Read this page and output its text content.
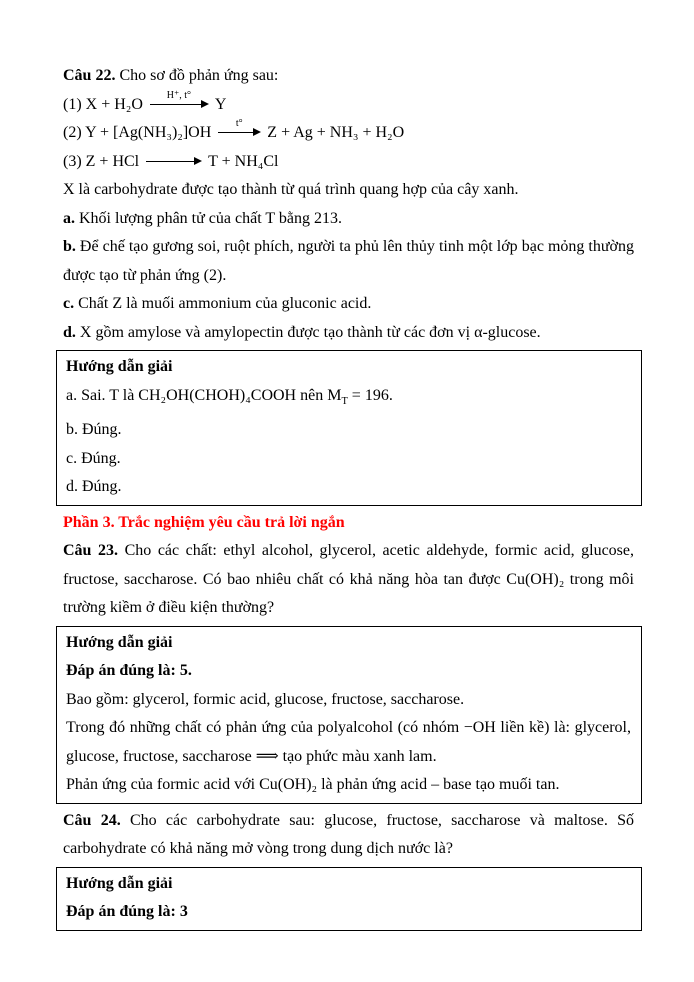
Câu 22. Cho sơ đồ phản ứng sau:

(1) X + H₂O
H⁺, t°
Y

(2) Y + [Ag(NH₃)₂]OH
t°
Z + Ag + NH₃ + H₂O

(3) Z + HCl	T + NH₄Cl

X là carbohydrate được tạo thành từ quá trình quang hợp của cây xanh.

a. Khối lượng phân tử của chất T bằng 213.

b. Để chế tạo gương soi, ruột phích, người ta phủ lên thủy tinh một lớp bạc mỏng thường được tạo từ phản ứng (2).

c. Chất Z là muối ammonium của gluconic acid.

d. X gồm amylose và amylopectin được tạo thành từ các đơn vị α-glucose.

Hướng dẫn giải

a. Sai. T là CH₂OH(CHOH)₄COOH nên $M_T = 196$.

b. Đúng.

c. Đúng.

d. Đúng.

Phần 3. Trắc nghiệm yêu cầu trả lời ngắn

Câu 23. Cho các chất: ethyl alcohol, glycerol, acetic aldehyde, formic acid, glucose, fructose, saccharose. Có bao nhiêu chất có khả năng hòa tan được Cu(OH)₂ trong môi trường kiềm ở điều kiện thường?

Hướng dẫn giải

Đáp án đúng là: 5.

Bao gồm: glycerol, formic acid, glucose, fructose, saccharose.

Trong đó những chất có phản ứng của polyalcohol (có nhóm −OH liền kề) là: glycerol, glucose, fructose, saccharose ⟹ tạo phức màu xanh lam.

Phản ứng của formic acid với Cu(OH)₂ là phản ứng acid – base tạo muối tan.

Câu 24. Cho các carbohydrate sau: glucose, fructose, saccharose và maltose. Số carbohydrate có khả năng mở vòng trong dung dịch nước là?

Hướng dẫn giải

Đáp án đúng là: 3
